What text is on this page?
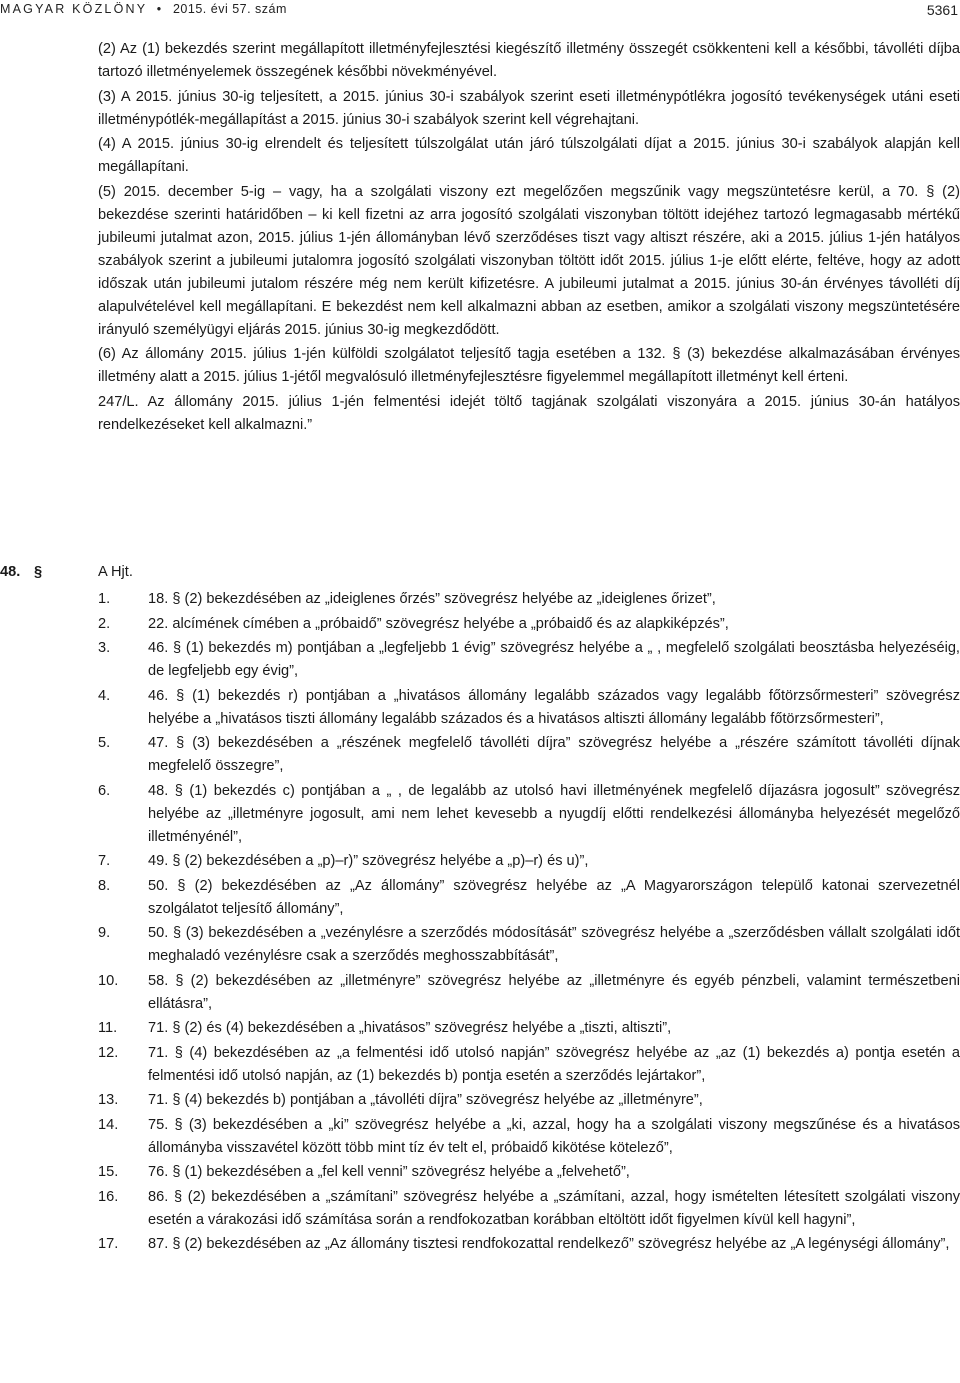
MAGYAR KÖZLÖNY • 2015. évi 57. szám	5361

(2) Az (1) bekezdés szerint megállapított illetményfejlesztési kiegészítő illetmény összegét csökkenteni kell a későbbi, távolléti díjba tartozó illetményelemek összegének későbbi növekményével.

(3) A 2015. június 30-ig teljesített, a 2015. június 30-i szabályok szerint eseti illetménypótlékra jogosító tevékenységek utáni eseti illetménypótlék-megállapítást a 2015. június 30-i szabályok szerint kell végrehajtani.

(4) A 2015. június 30-ig elrendelt és teljesített túlszolgálat után járó túlszolgálati díjat a 2015. június 30-i szabályok alapján kell megállapítani.

(5) 2015. december 5-ig – vagy, ha a szolgálati viszony ezt megelőzően megszűnik vagy megszüntetésre kerül, a 70. § (2) bekezdése szerinti határidőben – ki kell fizetni az arra jogosító szolgálati viszonyban töltött idejéhez tartozó legmagasabb mértékű jubileumi jutalmat azon, 2015. július 1-jén állományban lévő szerződéses tiszt vagy altiszt részére, aki a 2015. július 1-jén hatályos szabályok szerint a jubileumi jutalomra jogosító szolgálati viszonyban töltött időt 2015. július 1-je előtt elérte, feltéve, hogy az adott időszak után jubileumi jutalom részére még nem került kifizetésre. A jubileumi jutalmat a 2015. június 30-án érvényes távolléti díj alapulvételével kell megállapítani. E bekezdést nem kell alkalmazni abban az esetben, amikor a szolgálati viszony megszüntetésére irányuló személyügyi eljárás 2015. június 30-ig megkezdődött.

(6) Az állomány 2015. július 1-jén külföldi szolgálatot teljesítő tagja esetében a 132. § (3) bekezdése alkalmazásában érvényes illetmény alatt a 2015. július 1-jétől megvalósuló illetményfejlesztésre figyelemmel megállapított illetményt kell érteni.

247/L. Az állomány 2015. július 1-jén felmentési idejét töltő tagjának szolgálati viszonyára a 2015. június 30-án hatályos rendelkezéseket kell alkalmazni.”

48. §	A Hjt.
1.	18. § (2) bekezdésében az „ideiglenes őrzés” szövegrész helyébe az „ideiglenes őrizet”,
2.	22. alcímének címében a „próbaidő” szövegrész helyébe a „próbaidő és az alapkiképzés”,
3.	46. § (1) bekezdés m) pontjában a „legfeljebb 1 évig” szövegrész helyébe a „ , megfelelő szolgálati beosztásba helyezéséig, de legfeljebb egy évig”,
4.	46. § (1) bekezdés r) pontjában a „hivatásos állomány legalább százados vagy legalább főtörzsőrmesteri” szövegrész helyébe a „hivatásos tiszti állomány legalább százados és a hivatásos altiszti állomány legalább főtörzsőrmesteri”,
5.	47. § (3) bekezdésében a „részének megfelelő távolléti díjra” szövegrész helyébe a „részére számított távolléti díjnak megfelelő összegre”,
6.	48. § (1) bekezdés c) pontjában a „ , de legalább az utolsó havi illetményének megfelelő díjazásra jogosult” szövegrész helyébe az „illetményre jogosult, ami nem lehet kevesebb a nyugdíj előtti rendelkezési állományba helyezését megelőző illetményénél”,
7.	49. § (2) bekezdésében a „p)–r)” szövegrész helyébe a „p)–r) és u)”,
8.	50. § (2) bekezdésében az „Az állomány” szövegrész helyébe az „A Magyarországon települő katonai szervezetnél szolgálatot teljesítő állomány”,
9.	50. § (3) bekezdésében a „vezénylésre a szerződés módosítását” szövegrész helyébe a „szerződésben vállalt szolgálati időt meghaladó vezénylésre csak a szerződés meghosszabbítását”,
10.	58. § (2) bekezdésében az „illetményre” szövegrész helyébe az „illetményre és egyéb pénzbeli, valamint természetbeni ellátásra”,
11.	71. § (2) és (4) bekezdésében a „hivatásos” szövegrész helyébe a „tiszti, altiszti”,
12.	71. § (4) bekezdésében az „a felmentési idő utolsó napján” szövegrész helyébe az „az (1) bekezdés a) pontja esetén a felmentési idő utolsó napján, az (1) bekezdés b) pontja esetén a szerződés lejártakor”,
13.	71. § (4) bekezdés b) pontjában a „távolléti díjra” szövegrész helyébe az „illetményre”,
14.	75. § (3) bekezdésében a „ki” szövegrész helyébe a „ki, azzal, hogy ha a szolgálati viszony megszűnése és a hivatásos állományba visszavétel között több mint tíz év telt el, próbaidő kikötése kötelező”,
15.	76. § (1) bekezdésében a „fel kell venni” szövegrész helyébe a „felvehető”,
16.	86. § (2) bekezdésében a „számítani” szövegrész helyébe a „számítani, azzal, hogy ismételten létesített szolgálati viszony esetén a várakozási idő számítása során a rendfokozatban korábban eltöltött időt figyelmen kívül kell hagyni”,
17.	87. § (2) bekezdésében az „Az állomány tisztesi rendfokozattal rendelkező” szövegrész helyébe az „A legénységi állomány”,
